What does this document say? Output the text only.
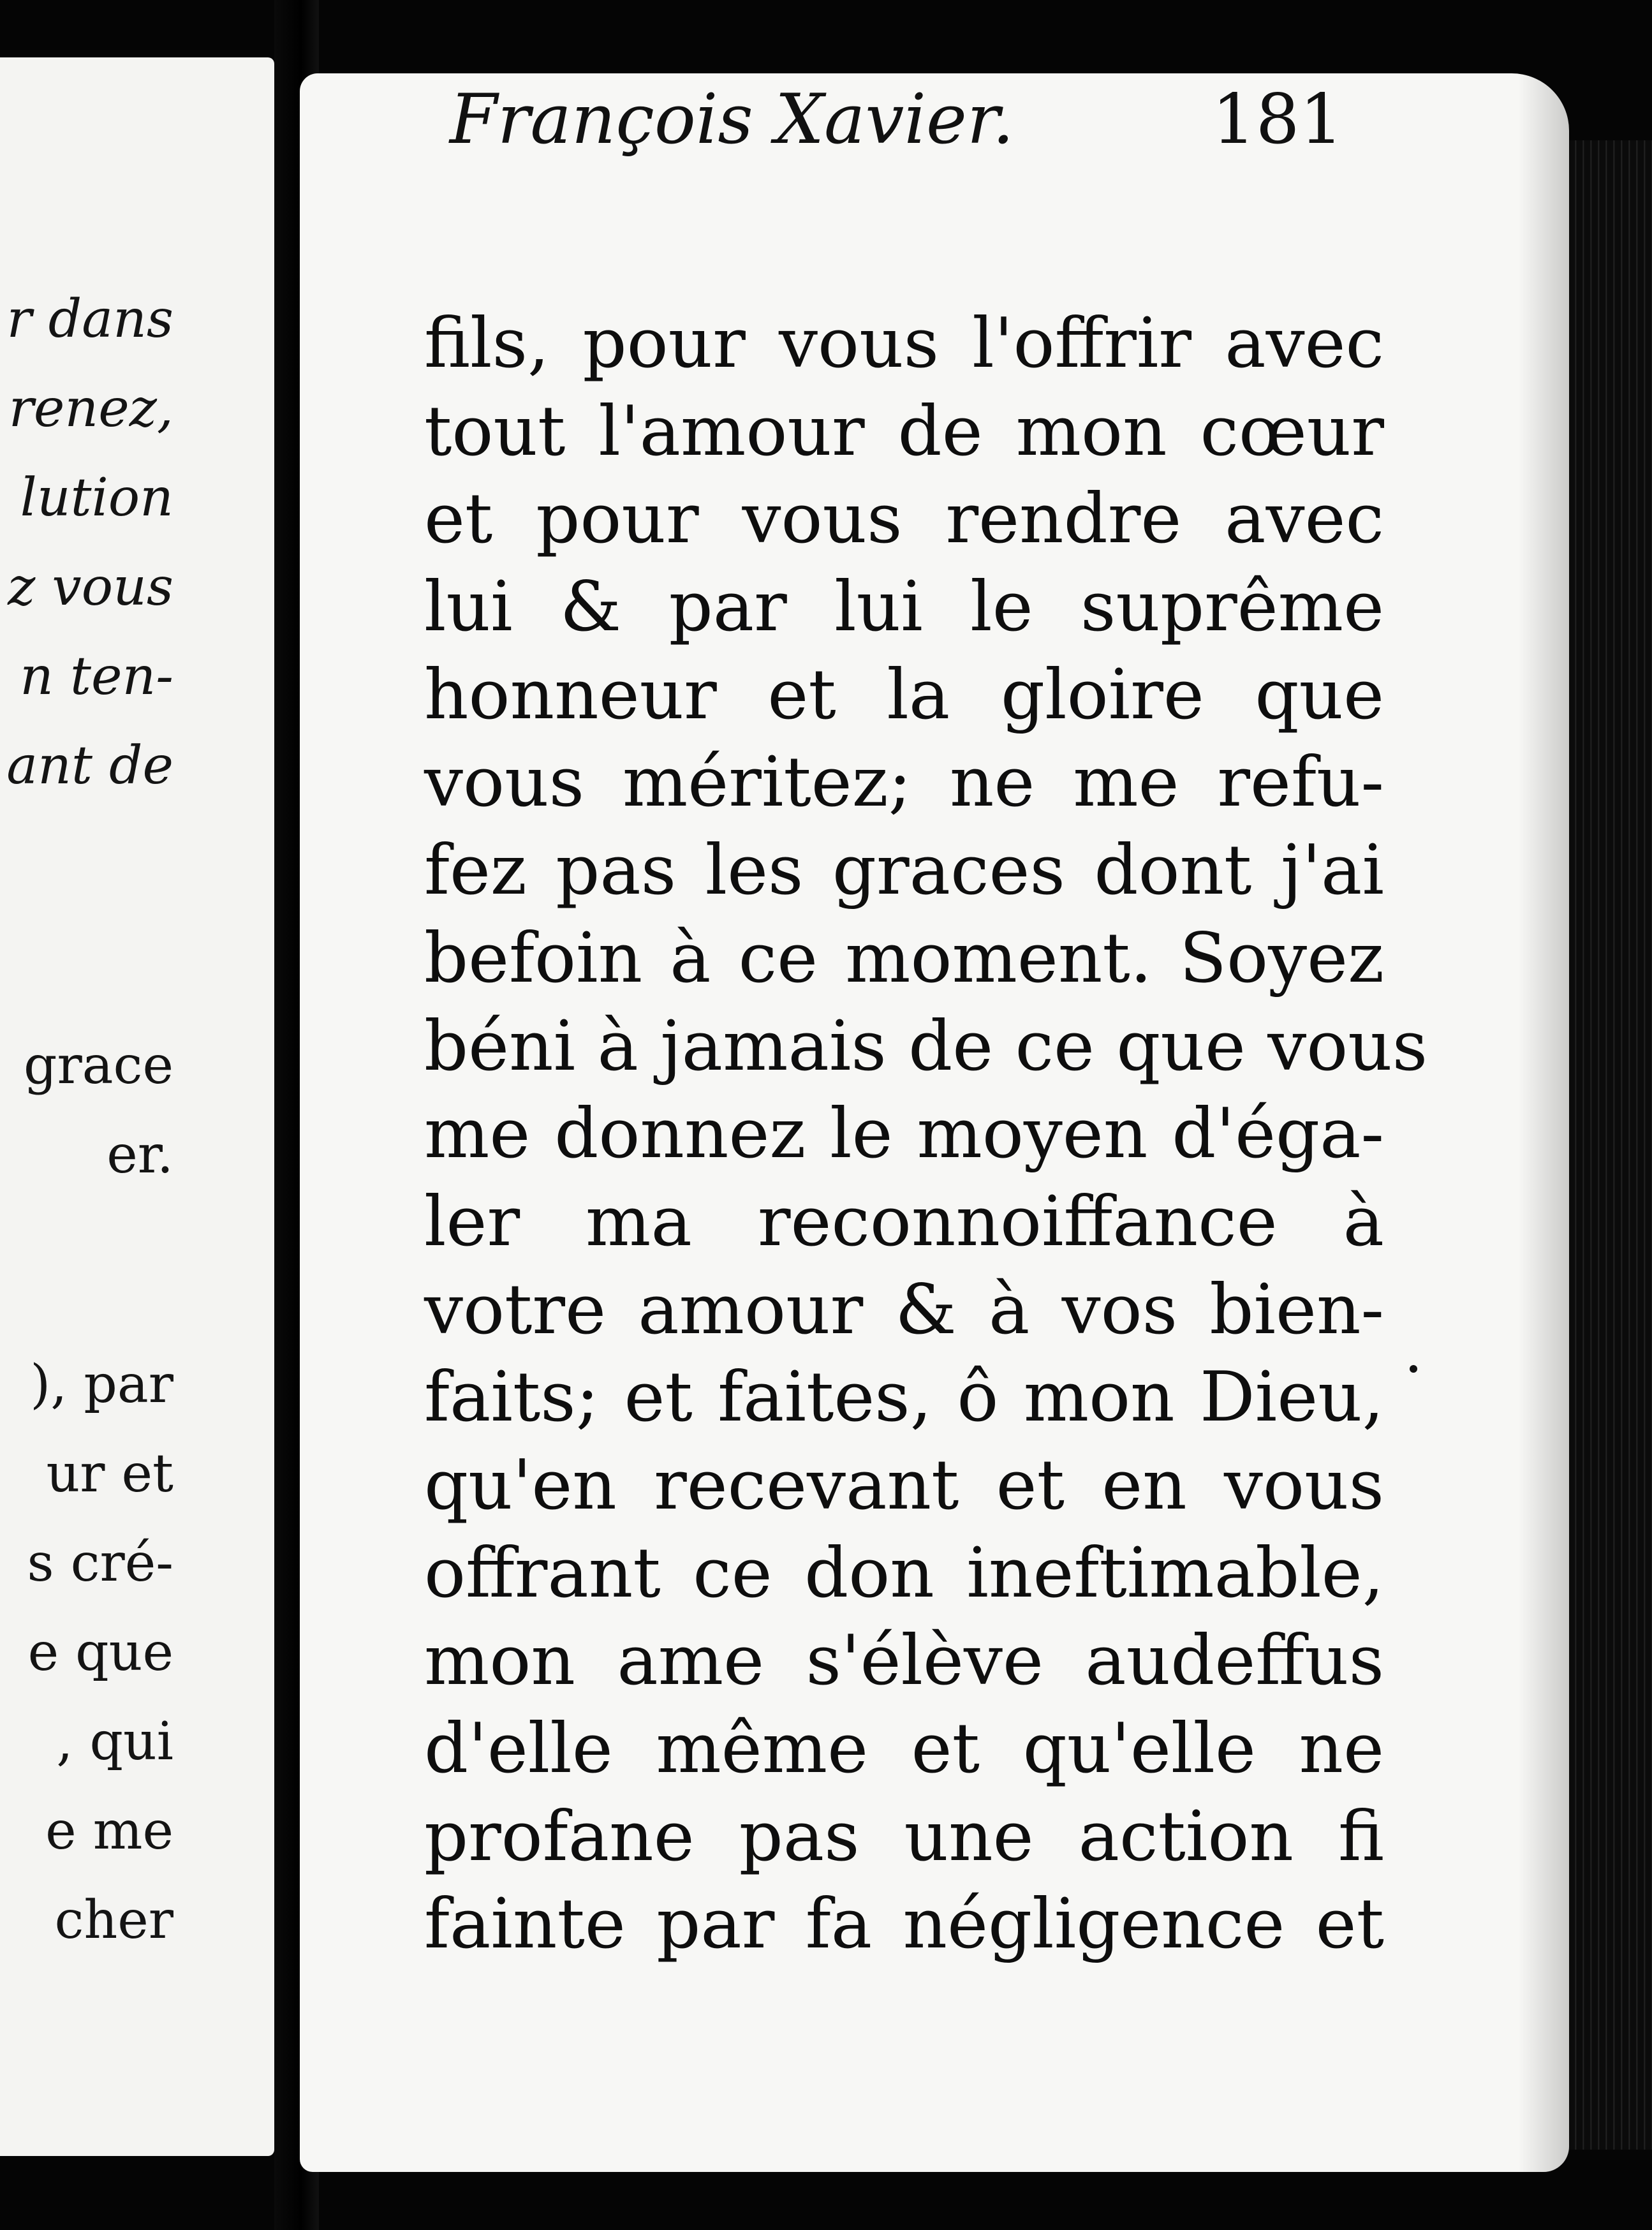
r dans
renez,
lution
z vous
n ten-
ant de
grace
er.
), par
ur et
s cré-
e que
, qui
e me
cher
François Xavier.	181
fils, pour vous l'offrir avec
tout l'amour de mon cœur
et pour vous rendre avec
lui & par lui le suprême
honneur et la gloire que
vous méritez; ne me refu-
fez pas les graces dont j'ai
befoin à ce moment. Soyez
béni à jamais de ce que vous
me donnez le moyen d'éga-
ler ma reconnoiffance à
votre amour & à vos bien-
faits; et faites, ô mon Dieu,
qu'en recevant et en vous
offrant ce don ineftimable,
mon ame s'élève audeffus
d'elle même et qu'elle ne
profane pas une action fi
fainte par fa négligence et
